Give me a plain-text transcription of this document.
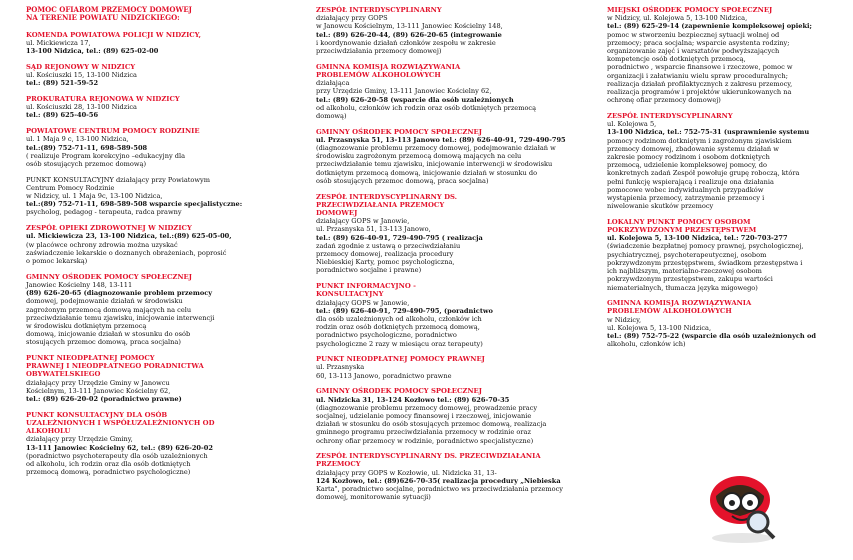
POMOC OFIAROM PRZEMOCY DOMOWEJ
NA TERENIE POWIATU NIDZICKIEGO:
KOMENDA POWIATOWA POLICJI W NIDZICY,
ul. Mickiewicza 17,
13-100 Nidzica, tel.: (89) 625-02-00
SĄD REJONOWY W NIDZICY
ul. Kościuszki 15, 13-100 Nidzica
tel.: (89) 521-59-52
PROKURATURA REJONOWA W NIDZICY
ul. Kościuszki 28, 13-100 Nidzica
tel.: (89) 625-40-56
POWIATOWE CENTRUM POMOCY RODZINIE
ul. 1 Maja 9 c, 13-100 Nidzica,
tel.:(89) 752-71-11, 698-589-508
( realizuje Program korekcyjno –edukacyjny dla
osób stosujących przemoc domową)
PUNKT KONSULTACYJNY działający przy Powiatowym
Centrum Pomocy Rodzinie
w Nidzicy, ul. 1 Maja 9c, 13-100 Nidzica,
tel.:(89) 752-71-11, 698-589-508 wsparcie specjalistyczne:
psycholog, pedagog - terapeuta, radca prawny
ZESPÓŁ OPIEKI ZDROWOTNEJ W NIDZICY
ul. Mickiewicza 23, 13-100 Nidzica, tel.:(89) 625-05-00,
(w placówce ochrony zdrowia można uzyskać
zaświadczenie lekarskie o doznanych obrażeniach, poprosić
o pomoc lekarską)
GMINNY OŚRODEK POMOCY SPOŁECZNEJ
Janowiec Kościelny 148, 13-111
(89) 626-20-65 (diagnozowanie problem przemocy
domowej, podejmowanie działań w środowisku
zagrożonym przemocą domową mających na celu
przeciwdziałanie temu zjawisku, inicjowanie interwencji
w środowisku dotkniętym przemocą
domową, inicjowanie działań w stosunku do osób
stosujących przemoc domową, praca socjalna)
PUNKT NIEODPŁATNEJ POMOCY
PRAWNEJ I NIEODPŁATNEGO PORADNICTWA
OBYWATELSKIEGO
działający przy Urzędzie Gminy w Janowcu
Kościelnym, 13-111 Janowiec Kościelny 62,
tel.: (89) 626-20-02 (poradnictwo prawne)
PUNKT KONSULTACYJNY DLA OSÓB
UZALEŻNIONYCH I WSPÓŁUZALEŻNIONYCH OD
ALKOHOLU
działający przy Urzędzie Gminy,
13-111 Janowiec Kościelny 62, tel.: (89) 626-20-02
(poradnictwo psychoterapeuty dla osób uzależnionych
od alkoholu, ich rodzin oraz dla osób dotkniętych
przemocą domową, poradnictwo psychologiczne)
ZESPÓŁ INTERDYSCYPLINARNY
działający przy GOPS
w Janowcu Kościelnym, 13-111 Janowiec Kościelny 148,
tel.: (89) 626-20-44, (89) 626-20-65 (integrowanie
i koordynowanie działań członków zespołu w zakresie
przeciwdziałania przemocy domowej)
GMINNA KOMISJA ROZWIĄZYWANIA
PROBLEMÓW ALKOHOLOWYCH
działająca
przy Urzędzie Gminy, 13-111 Janowiec Kościelny 62,
tel.: (89) 626-20-58 (wsparcie dla osób uzależnionych
od alkoholu, członków ich rodzin oraz osób dotkniętych przemocą
domową)
GMINNY OŚRODEK POMOCY SPOŁECZNEJ
ul. Przasnyska 51, 13-113 Janowo tel.: (89) 626-40-91, 729-490-795
(diagnozowanie problemu przemocy domowej, podejmowanie działań w
środowisku zagrożonym przemocą domową mających na celu
przeciwdziałanie temu zjawisku, inicjowanie interwencji w środowisku
dotkniętym przemocą domową, inicjowanie działań w stosunku do
osób stosujących przemoc domową, praca socjalna)
ZESPÓŁ INTERDYSCYPLINARNY DS.
PRZECIWDZIAŁANIA PRZEMOCY
DOMOWEJ
działający GOPS w Janowie,
ul. Przasnyska 51, 13-113 Janowo,
tel.: (89) 626-40-91, 729-490-795 ( realizacja
zadań zgodnie z ustawą o przeciwdziałaniu
przemocy domowej, realizacja procedury
Niebieskiej Karty, pomoc psychologiczna,
poradnictwo socjalne i prawne)
PUNKT INFORMACYJNO -
KONSULTACYJNY
działający GOPS w Janowie,
tel.: (89) 626-40-91, 729-490-795, (poradnictwo
dla osób uzależnionych od alkoholu, członków ich
rodzin oraz osób dotkniętych przemocą domową,
poradnictwo psychologiczne, poradnictwo
psychologiczne 2 razy w miesiącu oraz terapeuty)
PUNKT NIEODPŁATNEJ POMOCY PRAWNEJ
ul. Przasnyska
60, 13-113 Janowo, poradnictwo prawne
GMINNY OŚRODEK POMOCY SPOŁECZNEJ
ul. Nidzicka 31, 13-124 Kozłowo tel.: (89) 626-70-35
(diagnozowanie problemu przemocy domowej, prowadzenie pracy
socjalnej, udzielanie pomocy finansowej i rzeczowej, inicjowanie
działań w stosunku do osób stosujących przemoc domową, realizacja
gminnego programu przeciwdziałania przemocy w rodzinie oraz
ochrony ofiar przemocy w rodzinie, poradnictwo specjalistyczne)
ZESPÓŁ INTERDYSCYPLINARNY DS. PRZECIWDZIAŁANIA
PRZEMOCY
działający przy GOPS w Kozłowie, ul. Nidzicka 31, 13-
124 Kozłowo, tel.: (89)626-70-35( realizacja procedury „Niebieska
Karta", poradnictwo socjalne, poradnictwo ws przeciwdziałania przemocy
domowej, monitorowanie sytuacji)
MIEJSKI OŚRODEK POMOCY SPOŁECZNEJ
w Nidzicy, ul. Kolejowa 5, 13-100 Nidzica,
tel.: (89) 625-29-14 (zapewnienie kompleksowej opieki;
pomoc w stworzeniu bezpiecznej sytuacji wolnej od
przemocy; praca socjalna; wsparcie asystenta rodziny;
organizowanie zajęć i warsztatów podwyższających
kompetencje osób dotkniętych przemocą,
poradnictwo , wsparcie finansowe i rzeczowe, pomoc w
organizacji i załatwianiu wielu spraw proceduralnych;
realizacja działań profilaktycznych z zakresu przemocy,
realizacja programów i projektów ukierunkowanych na
ochronę ofiar przemocy domowej)
ZESPÓŁ INTERDYSCYPLINARNY
ul. Kolejowa 5,
13-100 Nidzica, tel.: 752-75-31 (usprawnienie systemu
pomocy rodzinom dotkniętym i zagrożonym zjawiskiem
przemocy domowej, zbadowanie systemu działań w
zakresie pomocy rodzinom i osobom dotkniętych
przemocą, udzielenie kompleksowej pomocy, do
konkretnych zadań Zespół powołuje grupę roboczą, która
pełni funkcję wspierającą i realizuje ona działania
pomocowe wobec indywidualnych przypadków
wystąpienia przemocy, zatrzymanie przemocy i
niwelowanie skutków przemocy
LOKALNY PUNKT POMOCY OSOBOM
POKRZYWDZONYM PRZESTĘPSTWEM
ul. Kolejowa 5, 13-100 Nidzica, tel.: 720-703-277
(świadczenie bezpłatnej pomocy prawnej, psychologicznej,
psychiatrycznej, psychoterapeutycznej, osobom
pokrzywdzonym przestępstwem, świadkom przestępstwa i
ich najbliższym, materialno-rzeczowej osobom
pokrzywdzonym przestępstwem, zakupu wartości
niematerialnych, tłumacza języka migowego)
GMINNA KOMISJA ROZWIĄZYWANIA
PROBLEMÓW ALKOHOLOWYCH
w Nidzicy,
ul. Kolejowa 5, 13-100 Nidzica,
tel.: (89) 752-75-22 (wsparcie dla osób uzależnionych od
alkoholu, członków ich)
